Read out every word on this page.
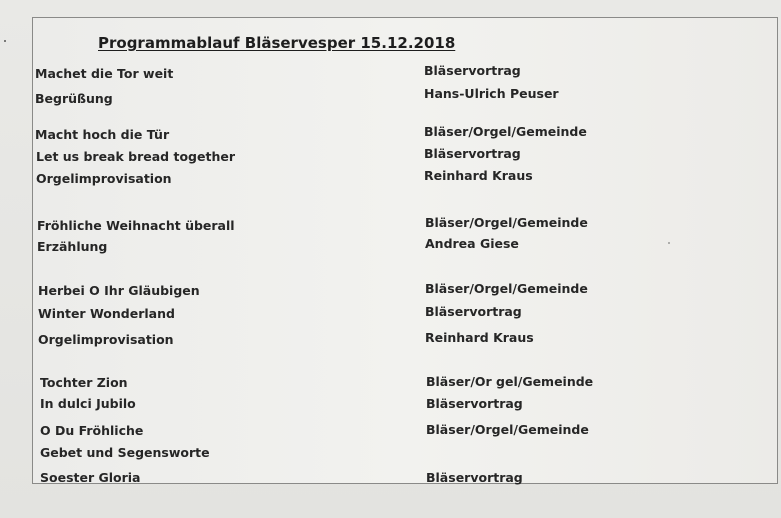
Programmablauf Bläservesper 15.12.2018
Machet die Tor weit	Bläservortrag
Begrüßung	Hans-Ulrich Peuser
Macht hoch die Tür	Bläser/Orgel/Gemeinde
Let us break bread together	Bläservortrag
Orgelimprovisation	Reinhard Kraus
Fröhliche Weihnacht überall	Bläser/Orgel/Gemeinde
Erzählung	Andrea Giese
Herbei O Ihr Gläubigen	Bläser/Orgel/Gemeinde
Winter Wonderland	Bläservortrag
Orgelimprovisation	Reinhard Kraus
Tochter Zion	Bläser/Or gel/Gemeinde
In dulci Jubilo	Bläservortrag
O Du Fröhliche	Bläser/Orgel/Gemeinde
Gebet und Segensworte
Soester Gloria	Bläservortrag
